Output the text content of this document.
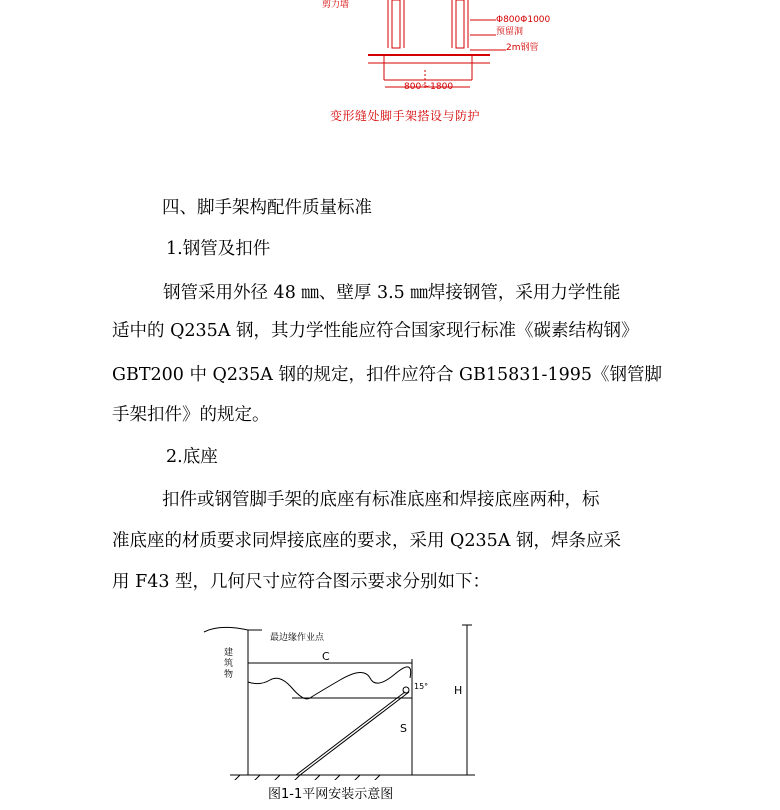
剪力墙
Φ800Φ1000
预留洞
2m钢管
800～1800
变形缝处脚手架搭设与防护
四、脚手架构配件质量标准
1.钢管及扣件
钢管采用外径 48 ㎜、壁厚 3.5 ㎜焊接钢管，采用力学性能
适中的 Q235A 钢，其力学性能应符合国家现行标准《碳素结构钢》
GBT200 中 Q235A 钢的规定，扣件应符合 GB15831-1995《钢管脚
手架扣件》的规定。
2.底座
扣件或钢管脚手架的底座有标准底座和焊接底座两种，标
准底座的材质要求同焊接底座的要求，采用 Q235A 钢，焊条应采
用 F43 型，几何尺寸应符合图示要求分别如下：
最边缘作业点
建筑物
C
H
S
15°
图1-1平网安装示意图
